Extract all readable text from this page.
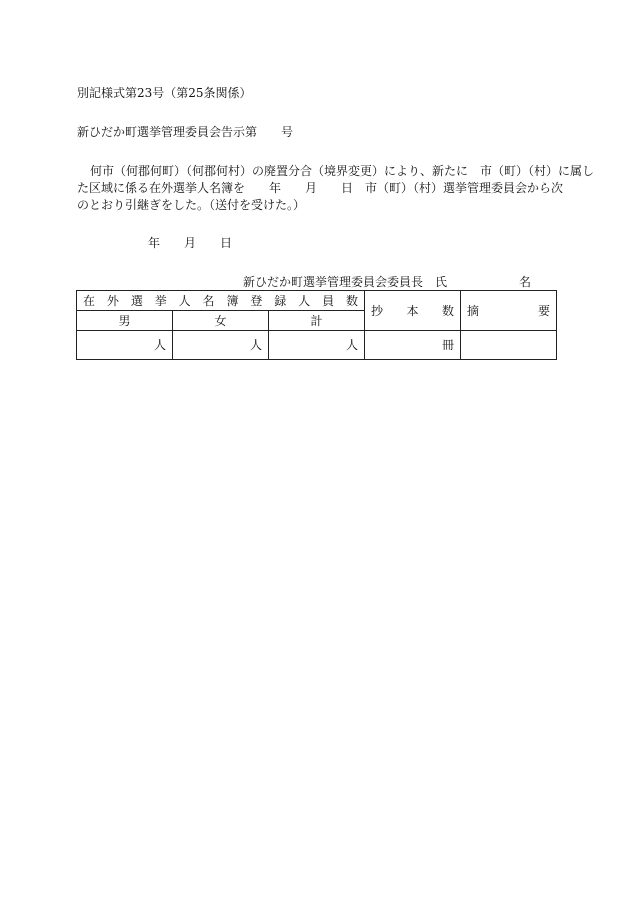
別記様式第23号（第25条関係）
新ひだか町選挙管理委員会告示第　　号
何市（何郡何町）（何郡何村）の廃置分合（境界変更）により、新たに　市（町）（村）に属し
た区域に係る在外選挙人名簿を　　年　　月　　日　市（町）（村）選挙管理委員会から次
のとおり引継ぎをした。（送付を受けた。）
年　　月　　日
新ひだか町選挙管理委員会委員長　氏　　　　　　名
在外選挙人名簿登録人員数			抄　本　数	摘　要
男	女	計		
人	人	人	冊	
